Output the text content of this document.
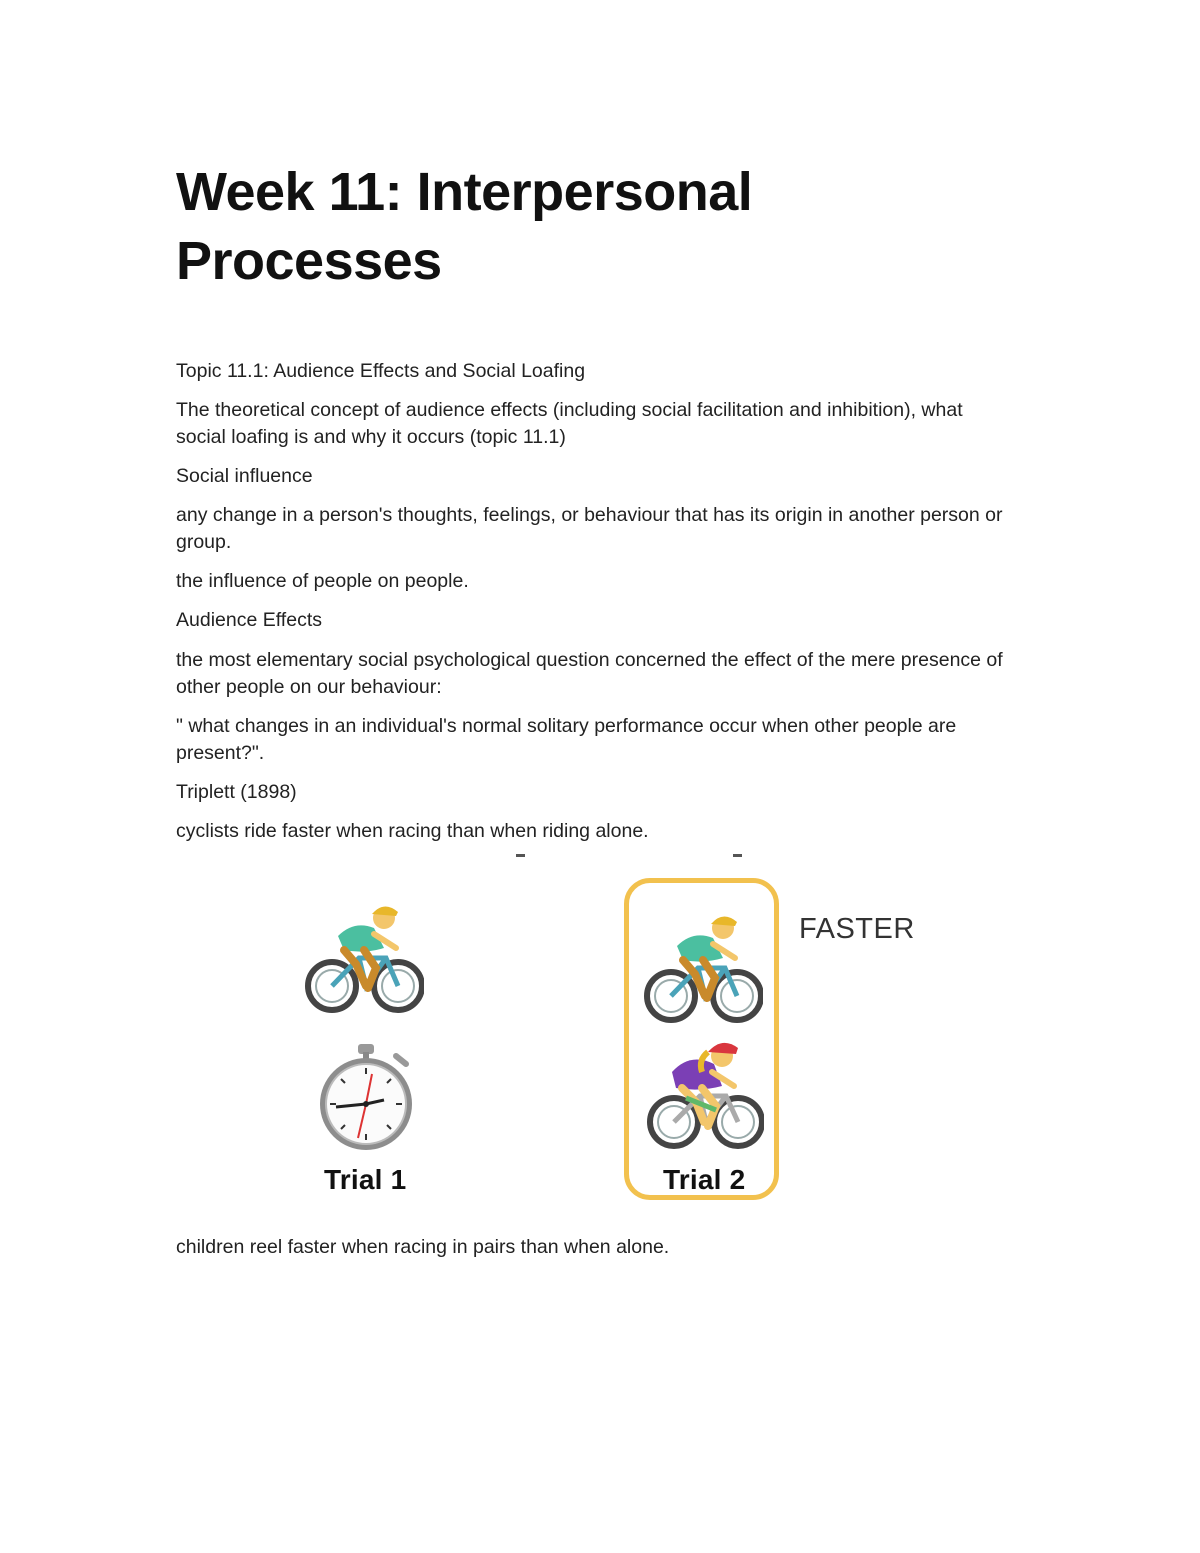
Week 11: Interpersonal Processes

Topic 11.1: Audience Effects and Social Loafing

The theoretical concept of audience effects (including social facilitation and inhibition), what social loafing is and why it occurs (topic 11.1)

Social influence

any change in a person's thoughts, feelings, or behaviour that has its origin in another person or group.

the influence of people on people.

Audience Effects

the most elementary social psychological question concerned the effect of the mere presence of other people on our behaviour:

" what changes in an individual's normal solitary performance occur when other people are present?".

Triplett (1898)

cyclists ride faster when racing than when riding alone.

Trial 1	Trial 2
FASTER

children reel faster when racing in pairs than when alone.
